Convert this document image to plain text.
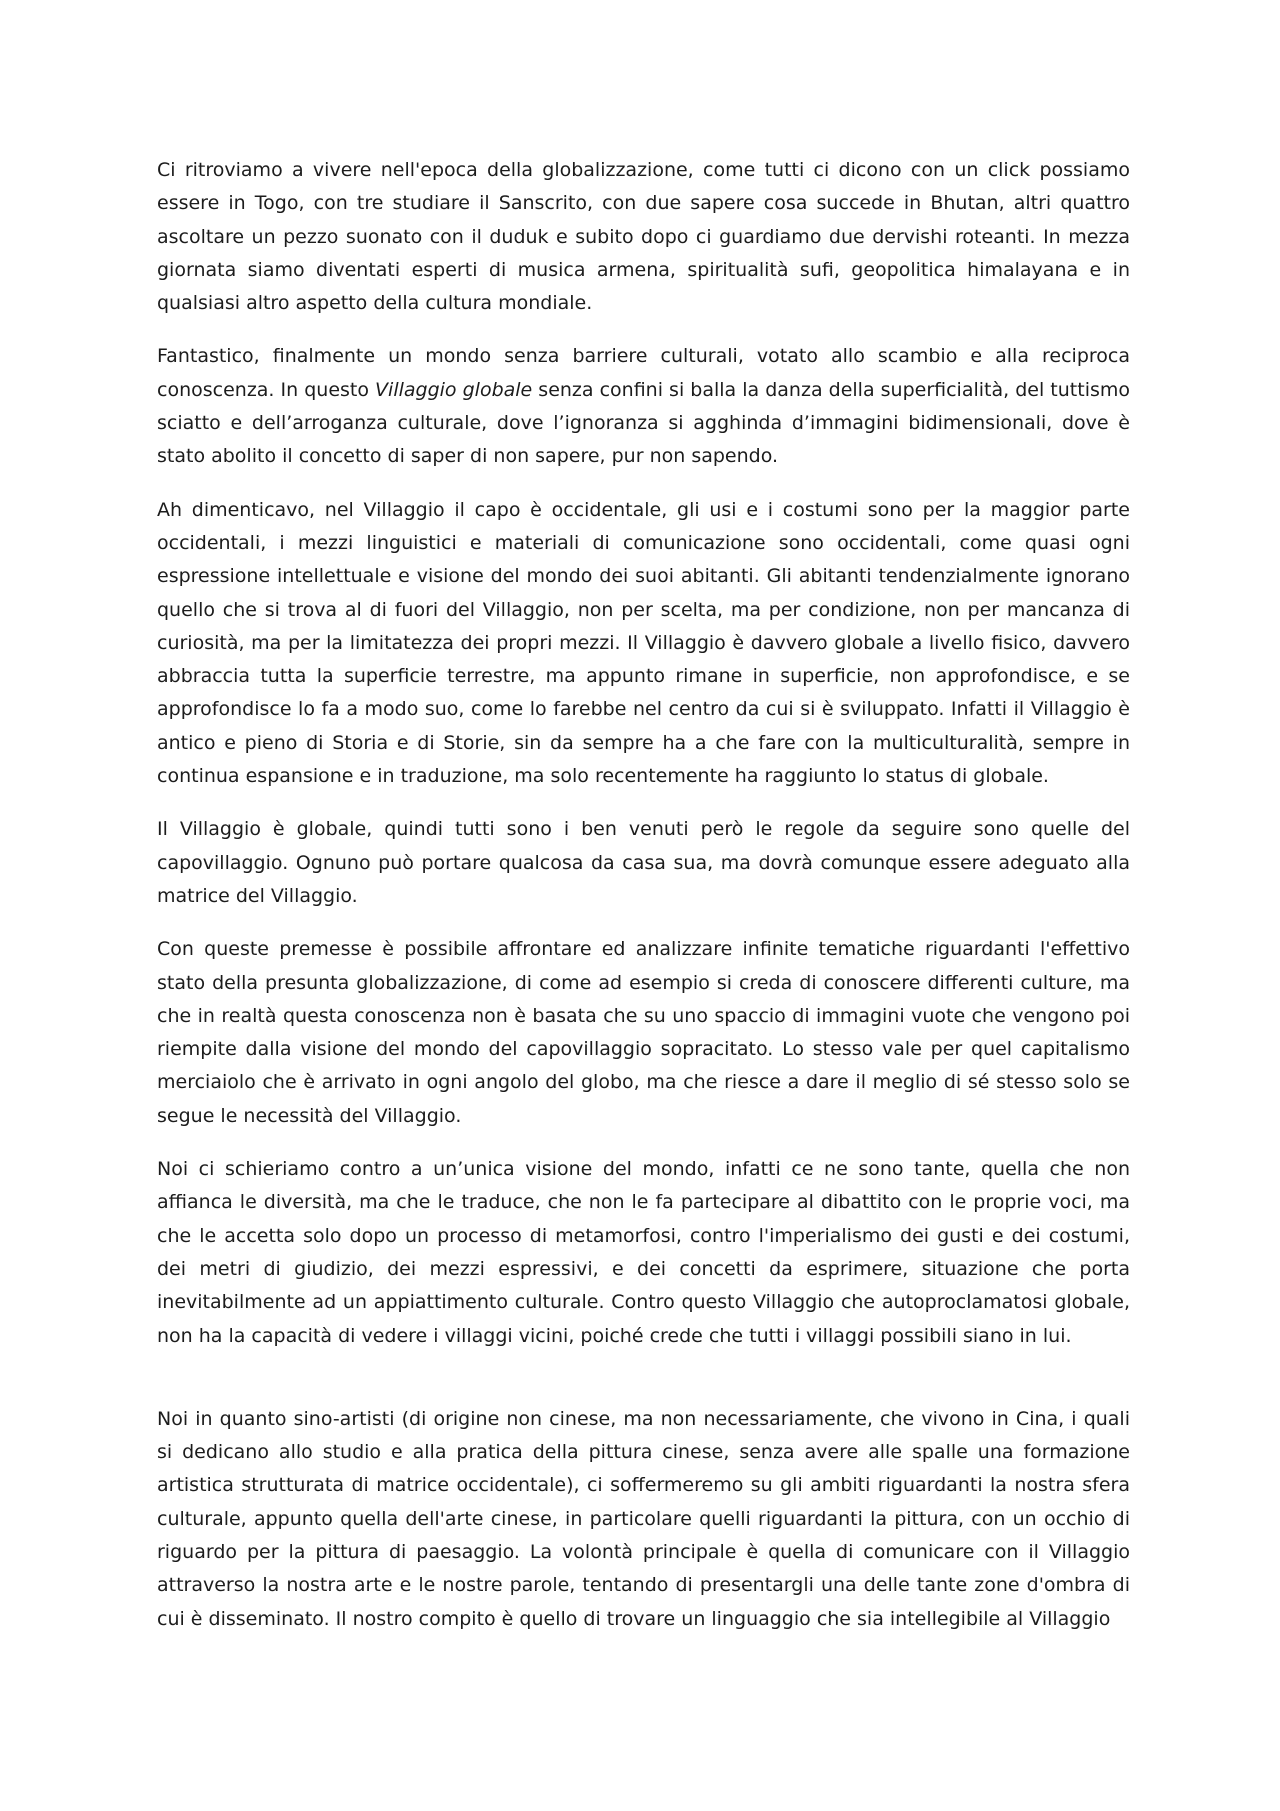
Ci ritroviamo a vivere nell'epoca della globalizzazione, come tutti ci dicono con un click possiamo essere in Togo, con tre studiare il Sanscrito, con due sapere cosa succede in Bhutan, altri quattro ascoltare un pezzo suonato con il duduk e subito dopo ci guardiamo due dervishi roteanti. In mezza giornata siamo diventati esperti di musica armena, spiritualità sufi, geopolitica himalayana e in qualsiasi altro aspetto della cultura mondiale.

Fantastico, finalmente un mondo senza barriere culturali, votato allo scambio e alla reciproca conoscenza. In questo Villaggio globale senza confini si balla la danza della superficialità, del tuttismo sciatto e dell’arroganza culturale, dove l’ignoranza si agghinda d’immagini bidimensionali, dove è stato abolito il concetto di saper di non sapere, pur non sapendo.

Ah dimenticavo, nel Villaggio il capo è occidentale, gli usi e i costumi sono per la maggior parte occidentali, i mezzi linguistici e materiali di comunicazione sono occidentali, come quasi ogni espressione intellettuale e visione del mondo dei suoi abitanti. Gli abitanti tendenzialmente ignorano quello che si trova al di fuori del Villaggio, non per scelta, ma per condizione, non per mancanza di curiosità, ma per la limitatezza dei propri mezzi. Il Villaggio è davvero globale a livello fisico, davvero abbraccia tutta la superficie terrestre, ma appunto rimane in superficie, non approfondisce, e se approfondisce lo fa a modo suo, come lo farebbe nel centro da cui si è sviluppato. Infatti il Villaggio è antico e pieno di Storia e di Storie, sin da sempre ha a che fare con la multiculturalità, sempre in continua espansione e in traduzione, ma solo recentemente ha raggiunto lo status di globale.

Il Villaggio è globale, quindi tutti sono i ben venuti però le regole da seguire sono quelle del capovillaggio. Ognuno può portare qualcosa da casa sua, ma dovrà comunque essere adeguato alla matrice del Villaggio.

Con queste premesse è possibile affrontare ed analizzare infinite tematiche riguardanti l'effettivo stato della presunta globalizzazione, di come ad esempio si creda di conoscere differenti culture, ma che in realtà questa conoscenza non è basata che su uno spaccio di immagini vuote che vengono poi riempite dalla visione del mondo del capovillaggio sopracitato. Lo stesso vale per quel capitalismo merciaiolo che è arrivato in ogni angolo del globo, ma che riesce a dare il meglio di sé stesso solo se segue le necessità del Villaggio.

Noi ci schieriamo contro a un’unica visione del mondo, infatti ce ne sono tante, quella che non affianca le diversità, ma che le traduce, che non le fa partecipare al dibattito con le proprie voci, ma che le accetta solo dopo un processo di metamorfosi, contro l'imperialismo dei gusti e dei costumi, dei metri di giudizio, dei mezzi espressivi, e dei concetti da esprimere, situazione che porta inevitabilmente ad un appiattimento culturale. Contro questo Villaggio che autoproclamatosi globale, non ha la capacità di vedere i villaggi vicini, poiché crede che tutti i villaggi possibili siano in lui.

Noi in quanto sino-artisti (di origine non cinese, ma non necessariamente, che vivono in Cina, i quali si dedicano allo studio e alla pratica della pittura cinese, senza avere alle spalle una formazione artistica strutturata di matrice occidentale), ci soffermeremo su gli ambiti riguardanti la nostra sfera culturale, appunto quella dell'arte cinese, in particolare quelli riguardanti la pittura, con un occhio di riguardo per la pittura di paesaggio. La volontà principale è quella di comunicare con il Villaggio attraverso la nostra arte e le nostre parole, tentando di presentargli una delle tante zone d'ombra di cui è disseminato. Il nostro compito è quello di trovare un linguaggio che sia intellegibile al Villaggio
